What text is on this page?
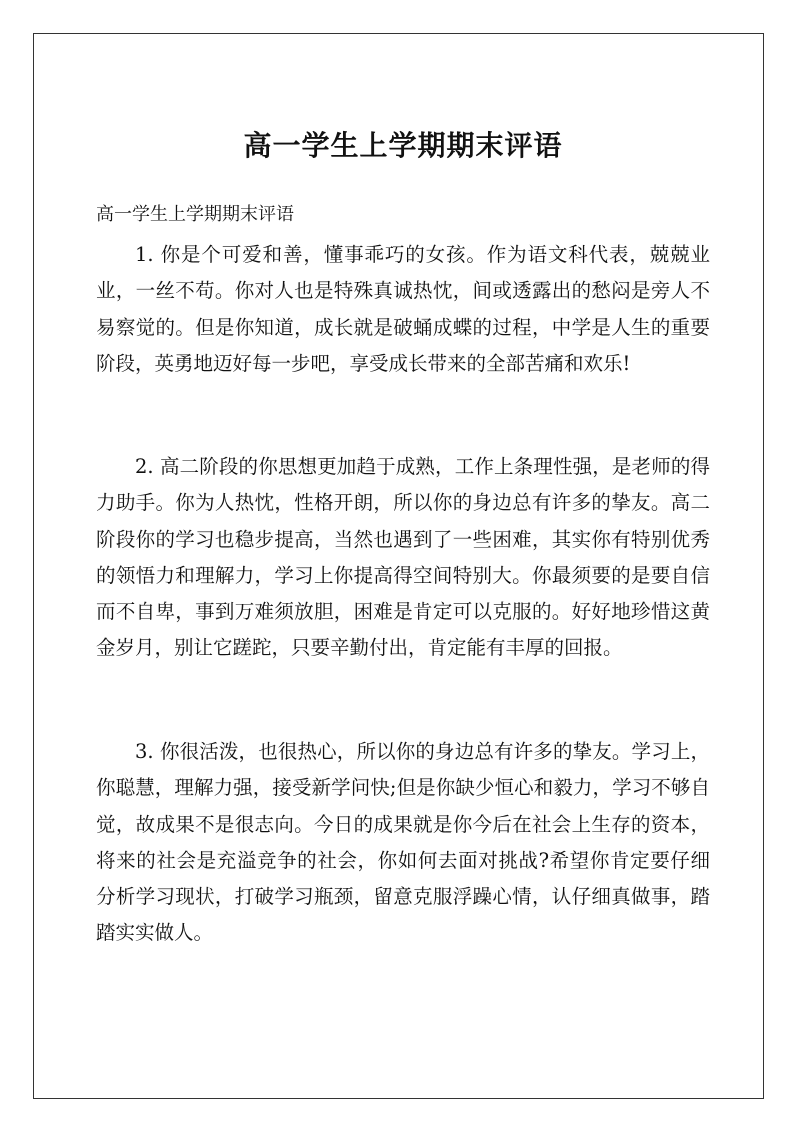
高一学生上学期期末评语
高一学生上学期期末评语

1. 你是个可爱和善，懂事乖巧的女孩。作为语文科代表，兢兢业业，一丝不苟。你对人也是特殊真诚热忱，间或透露出的愁闷是旁人不易察觉的。但是你知道，成长就是破蛹成蝶的过程，中学是人生的重要阶段，英勇地迈好每一步吧，享受成长带来的全部苦痛和欢乐!

2. 高二阶段的你思想更加趋于成熟，工作上条理性强，是老师的得力助手。你为人热忱，性格开朗，所以你的身边总有许多的挚友。高二阶段你的学习也稳步提高，当然也遇到了一些困难，其实你有特别优秀的领悟力和理解力，学习上你提高得空间特别大。你最须要的是要自信而不自卑，事到万难须放胆，困难是肯定可以克服的。好好地珍惜这黄金岁月，别让它蹉跎，只要辛勤付出，肯定能有丰厚的回报。

3. 你很活泼，也很热心，所以你的身边总有许多的挚友。学习上，你聪慧，理解力强，接受新学问快;但是你缺少恒心和毅力，学习不够自觉，故成果不是很志向。今日的成果就是你今后在社会上生存的资本，将来的社会是充溢竞争的社会，你如何去面对挑战?希望你肯定要仔细分析学习现状，打破学习瓶颈，留意克服浮躁心情，认仔细真做事，踏踏实实做人。
